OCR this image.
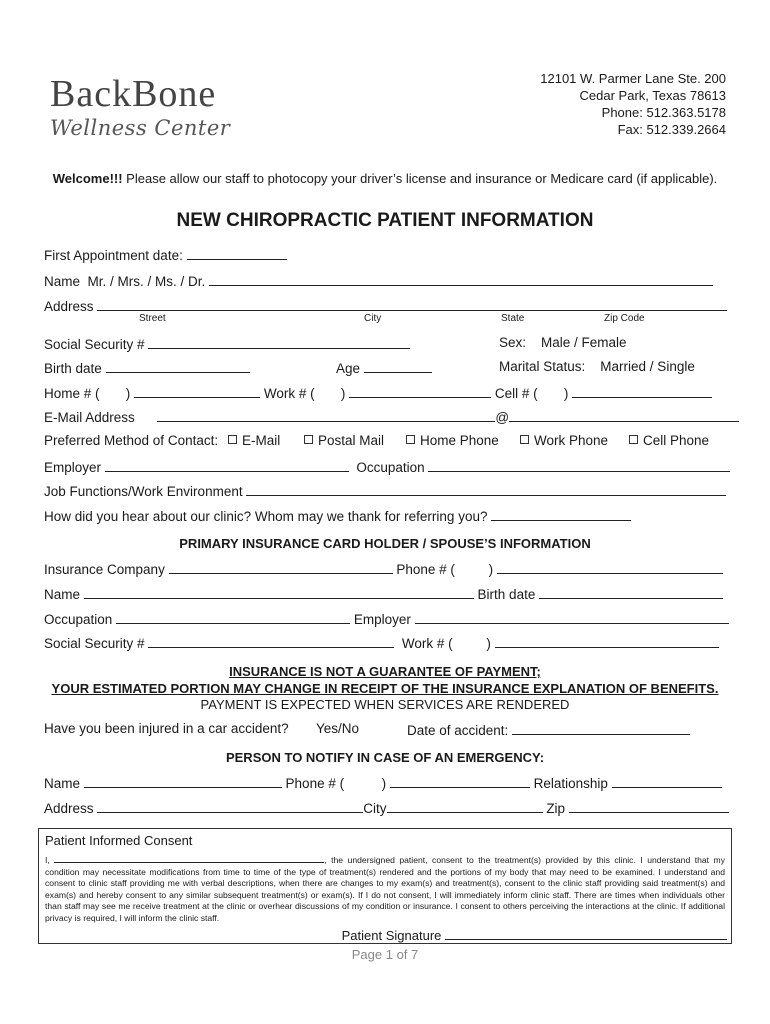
BackBone
Wellness Center
12101 W. Parmer Lane Ste. 200
Cedar Park, Texas 78613
Phone: 512.363.5178
Fax: 512.339.2664
Welcome!!! Please allow our staff to photocopy your driver’s license and insurance or Medicare card (if applicable).
NEW CHIROPRACTIC PATIENT INFORMATION
First Appointment date:
Name Mr. / Mrs. / Ms. / Dr.
Address
Street	City	State	Zip Code
Social Security #	Sex: Male / Female
Birth date	Age	Marital Status: Married / Single
Home # ( )	Work # ( )	Cell # ( )
E-Mail Address	@
Preferred Method of Contact:	E-Mail	Postal Mail	Home Phone	Work Phone	Cell Phone
Employer	Occupation
Job Functions/Work Environment
How did you hear about our clinic? Whom may we thank for referring you?
PRIMARY INSURANCE CARD HOLDER / SPOUSE’S INFORMATION
Insurance Company	Phone # (	)
Name	Birth date
Occupation	Employer
Social Security #	Work # (	)
INSURANCE IS NOT A GUARANTEE OF PAYMENT;
YOUR ESTIMATED PORTION MAY CHANGE IN RECEIPT OF THE INSURANCE EXPLANATION OF BENEFITS.
PAYMENT IS EXPECTED WHEN SERVICES ARE RENDERED
Have you been injured in a car accident? Yes/No	Date of accident:
PERSON TO NOTIFY IN CASE OF AN EMERGENCY:
Name	Phone # (	)	Relationship
Address	City	Zip
Patient Informed Consent
I,	, the undersigned patient, consent to the treatment(s) provided by this clinic. I understand that my condition may necessitate modifications from time to time of the type of treatment(s) rendered and the portions of my body that may need to be examined. I understand and consent to clinic staff providing me with verbal descriptions, when there are changes to my exam(s) and treatment(s), consent to the clinic staff providing said treatment(s) and exam(s) and hereby consent to any similar subsequent treatment(s) or exam(s). If I do not consent, I will immediately inform clinic staff. There are times when individuals other than staff may see me receive treatment at the clinic or overhear discussions of my condition or insurance. I consent to others perceiving the interactions at the clinic. If additional privacy is required, I will inform the clinic staff.
Patient Signature
Page 1 of 7
